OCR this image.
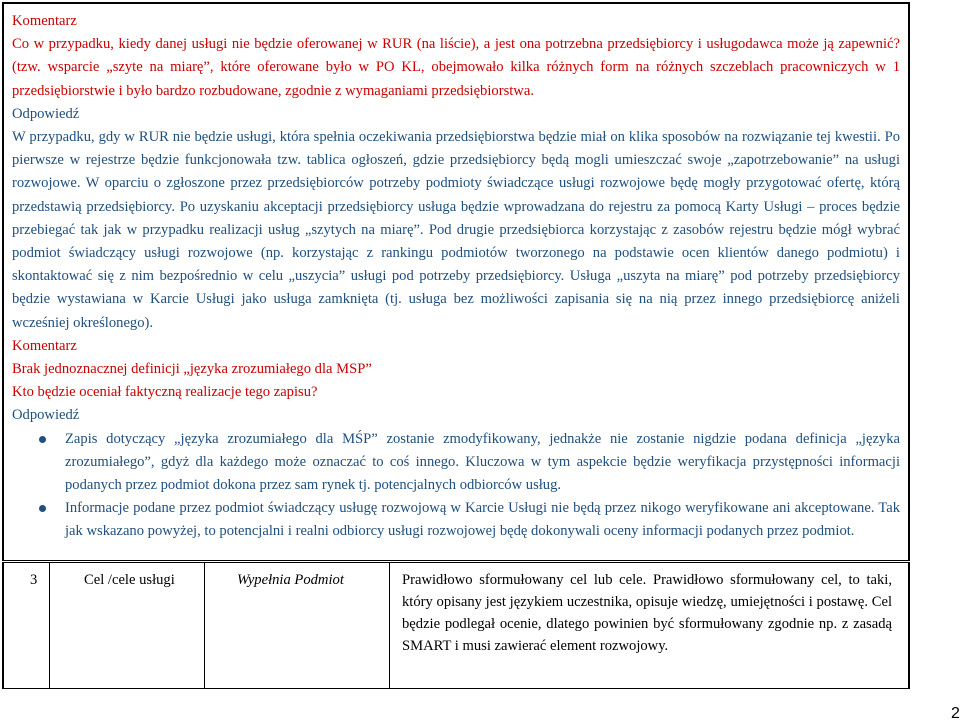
Komentarz

Co w przypadku, kiedy danej usługi nie będzie oferowanej w RUR (na liście), a jest ona potrzebna przedsiębiorcy i usługodawca może ją zapewnić? (tzw. wsparcie „szyte na miarę”, które oferowane było w PO KL, obejmowało kilka różnych form na różnych szczeblach pracowniczych w 1 przedsiębiorstwie i było bardzo rozbudowane, zgodnie z wymaganiami przedsiębiorstwa.

Odpowiedź

W przypadku, gdy w RUR nie będzie usługi, która spełnia oczekiwania przedsiębiorstwa będzie miał on klika sposobów na rozwiązanie tej kwestii. Po pierwsze w rejestrze będzie funkcjonowała tzw. tablica ogłoszeń, gdzie przedsiębiorcy będą mogli umieszczać swoje „zapotrzebowanie” na usługi rozwojowe. W oparciu o zgłoszone przez przedsiębiorców potrzeby podmioty świadczące usługi rozwojowe będę mogły przygotować ofertę, którą przedstawią przedsiębiorcy. Po uzyskaniu akceptacji przedsiębiorcy usługa będzie wprowadzana do rejestru za pomocą Karty Usługi – proces będzie przebiegać tak jak w przypadku realizacji usług „szytych na miarę”. Pod drugie przedsiębiorca korzystając z zasobów rejestru będzie mógł wybrać podmiot świadczący usługi rozwojowe (np. korzystając z rankingu podmiotów tworzonego na podstawie ocen klientów danego podmiotu) i skontaktować się z nim bezpośrednio w celu „uszycia” usługi pod potrzeby przedsiębiorcy. Usługa „uszyta na miarę” pod potrzeby przedsiębiorcy będzie wystawiana w Karcie Usługi jako usługa zamknięta (tj. usługa bez możliwości zapisania się na nią przez innego przedsiębiorcę aniżeli wcześniej określonego).

Komentarz

Brak jednoznacznej definicji „języka zrozumiałego dla MSP”

Kto będzie oceniał faktyczną realizacje tego zapisu?

Odpowiedź

Zapis dotyczący „języka zrozumiałego dla MŚP” zostanie zmodyfikowany, jednakże nie zostanie nigdzie podana definicja „języka zrozumiałego”, gdyż dla każdego może oznaczać to coś innego. Kluczowa w tym aspekcie będzie weryfikacja przystępności informacji podanych przez podmiot dokona przez sam rynek tj. potencjalnych odbiorców usług.
Informacje podane przez podmiot świadczący usługę rozwojową w Karcie Usługi nie będą przez nikogo weryfikowane ani akceptowane. Tak jak wskazano powyżej, to potencjalni i realni odbiorcy usługi rozwojowej będę dokonywali oceny informacji podanych przez podmiot.
3	Cel /cele usługi	Wypełnia Podmiot	Prawidłowo sformułowany cel lub cele. Prawidłowo sformułowany cel, to taki, który opisany jest językiem uczestnika, opisuje wiedzę, umiejętności i postawę. Cel będzie podlegał ocenie, dlatego powinien być sformułowany zgodnie np. z zasadą SMART i musi zawierać element rozwojowy.
2
